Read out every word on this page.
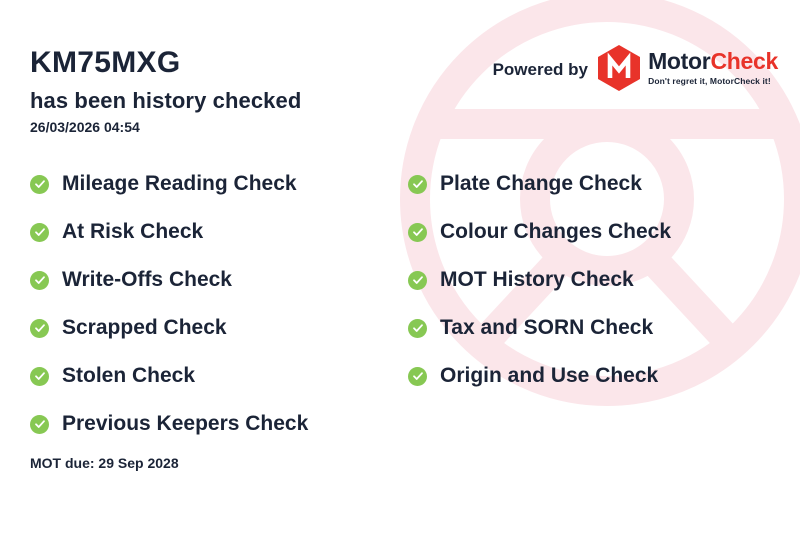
KM75MXG
has been history checked
26/03/2026 04:54
Powered by	MotorCheck
Don't regret it, MotorCheck it!
Mileage Reading Check
At Risk Check
Write-Offs Check
Scrapped Check
Stolen Check
Previous Keepers Check
Plate Change Check
Colour Changes Check
MOT History Check
Tax and SORN Check
Origin and Use Check
MOT due: 29 Sep 2028
